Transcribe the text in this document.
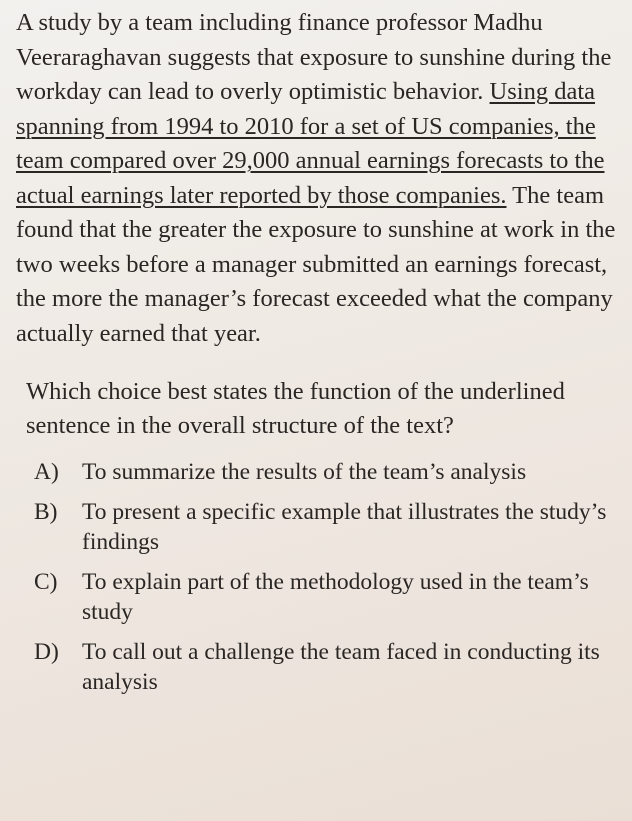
A study by a team including finance professor Madhu Veeraraghavan suggests that exposure to sunshine during the workday can lead to overly optimistic behavior. Using data spanning from 1994 to 2010 for a set of US companies, the team compared over 29,000 annual earnings forecasts to the actual earnings later reported by those companies. The team found that the greater the exposure to sunshine at work in the two weeks before a manager submitted an earnings forecast, the more the manager’s forecast exceeded what the company actually earned that year.

Which choice best states the function of the underlined sentence in the overall structure of the text?
A) To summarize the results of the team’s analysis
B)	To present a specific example that illustrates the study’s findings
C)	To explain part of the methodology used in the team’s study
D) To call out a challenge the team faced in conducting its analysis
